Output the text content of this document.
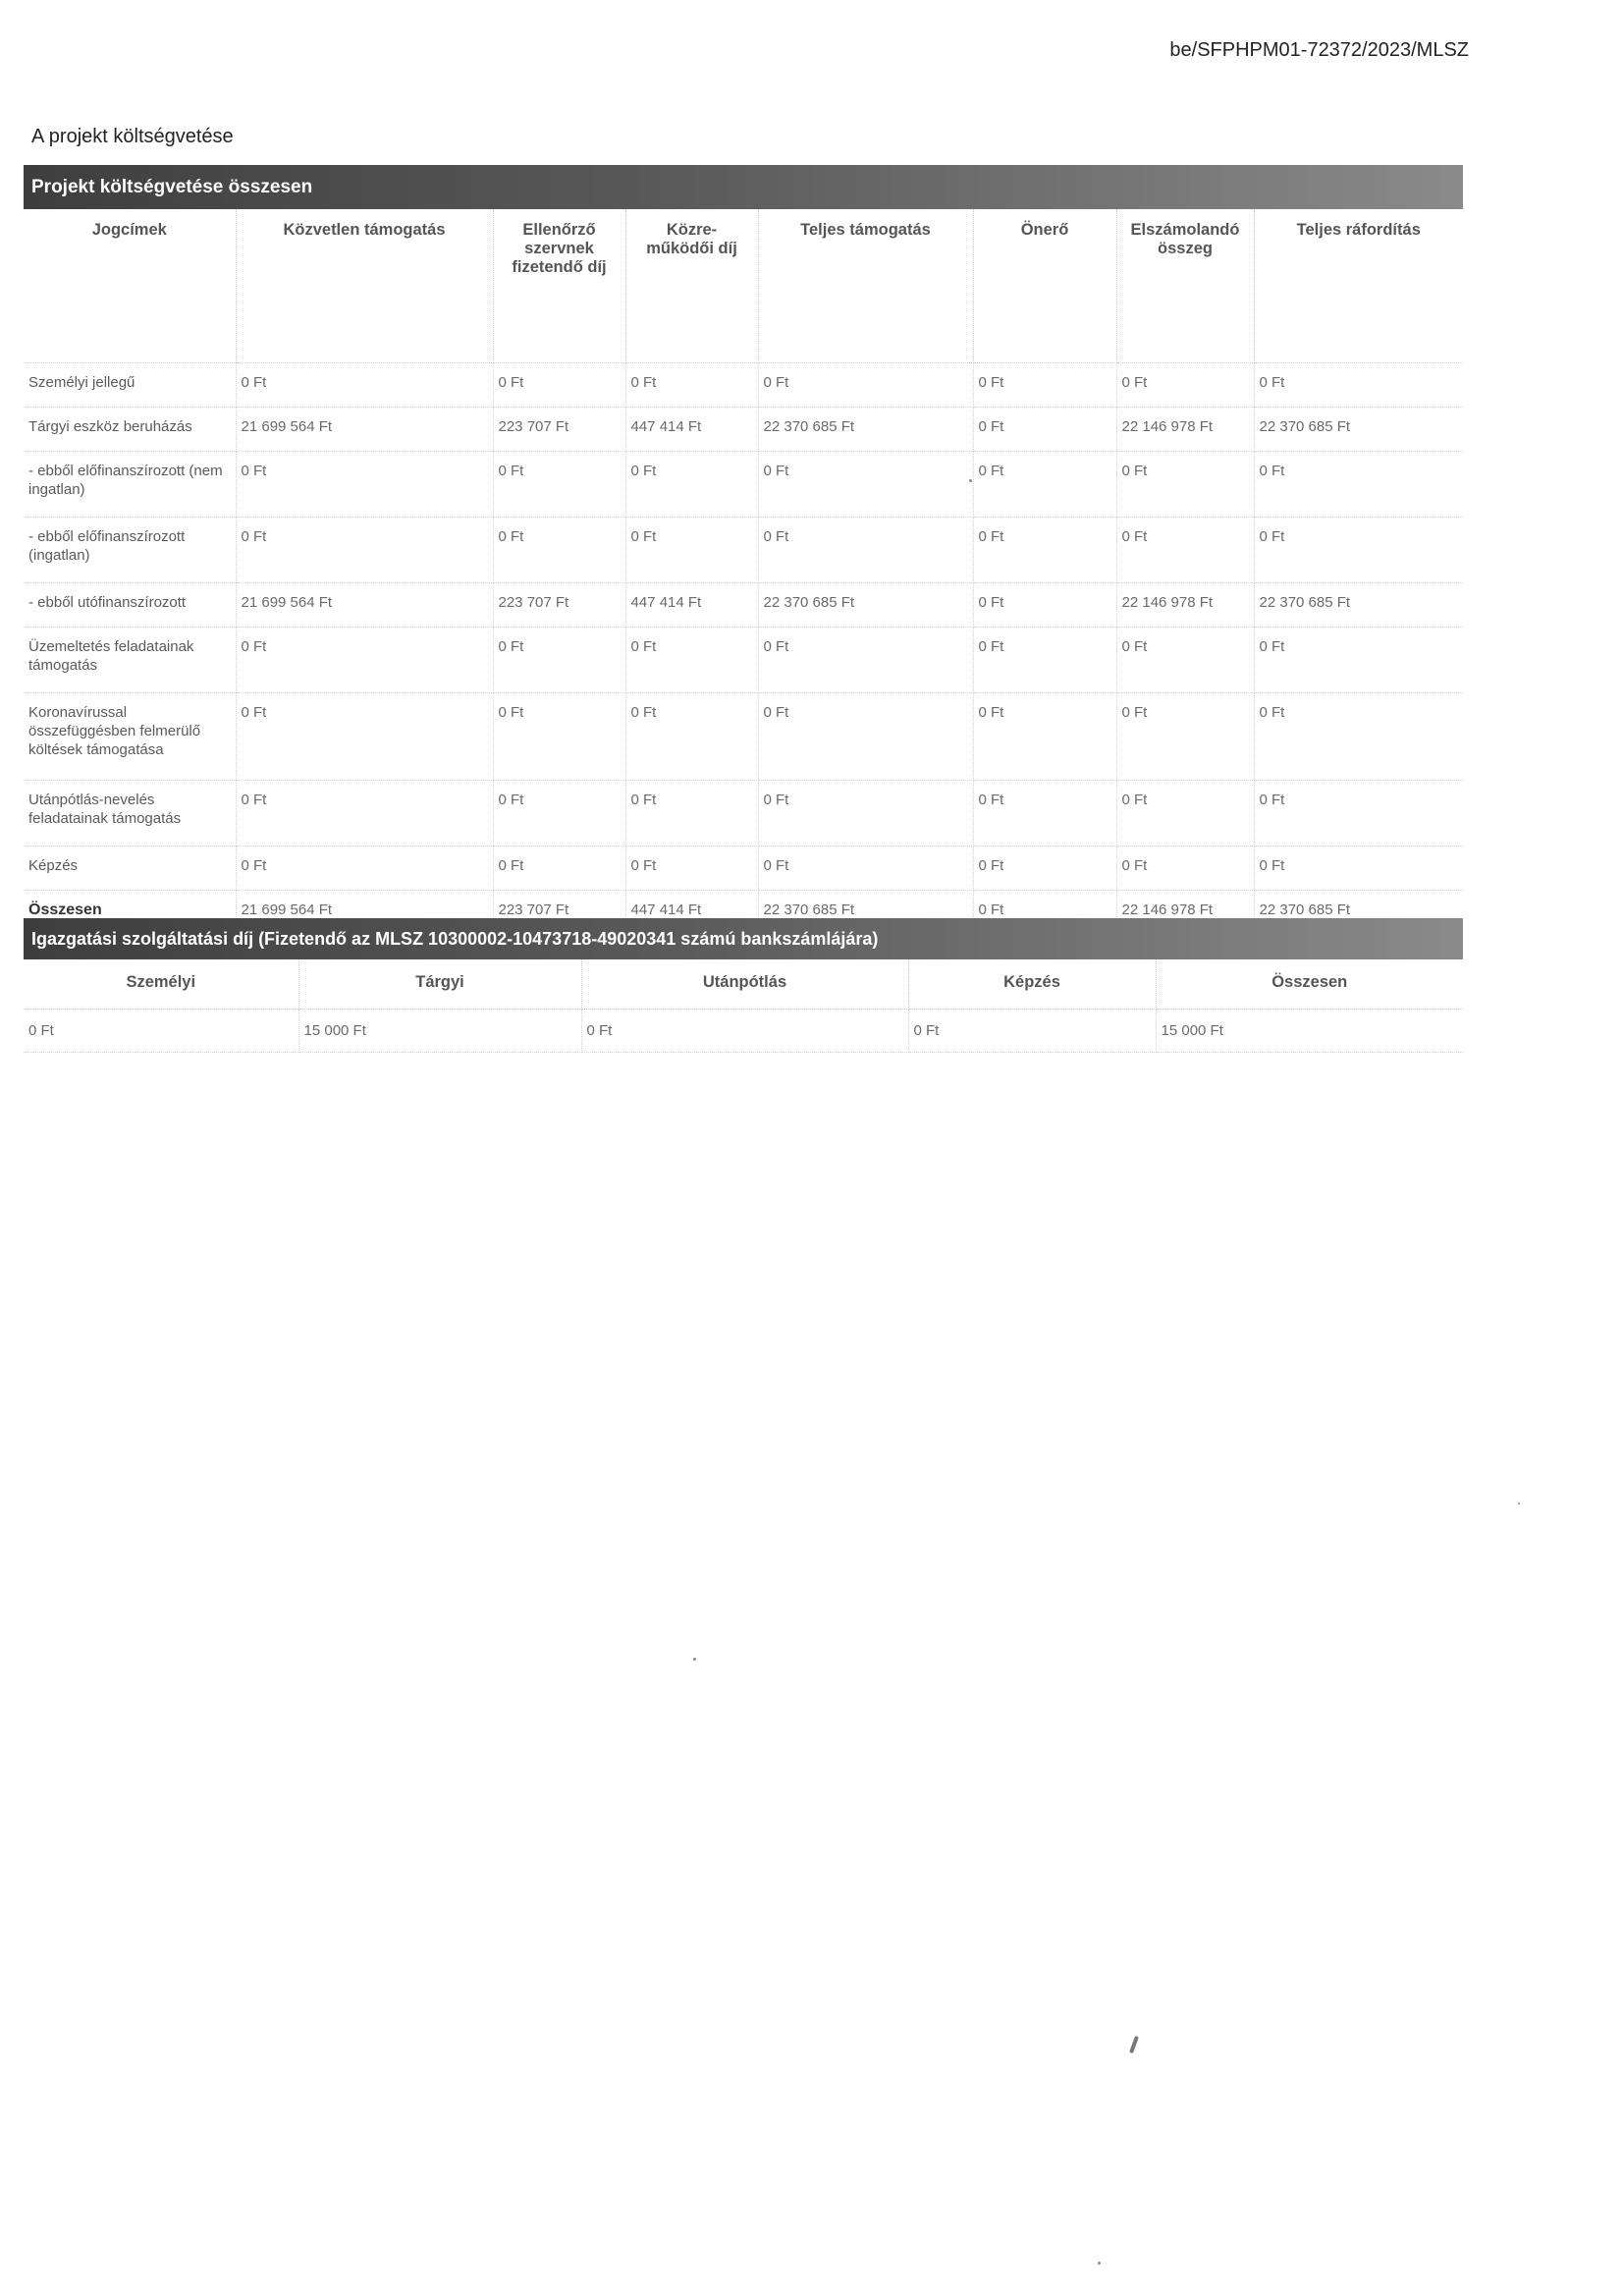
be/SFPHPM01-72372/2023/MLSZ
A projekt költségvetése
Projekt költségvetése összesen
Jogcímek	Közvetlen támogatás	Ellenőrző szervnek fizetendő díj	Közre-működői díj	Teljes támogatás	Önerő	Elszámolandó összeg	Teljes ráfordítás
Személyi jellegű	0 Ft	0 Ft	0 Ft	0 Ft	0 Ft	0 Ft	0 Ft
Tárgyi eszköz beruházás	21 699 564 Ft	223 707 Ft	447 414 Ft	22 370 685 Ft	0 Ft	22 146 978 Ft	22 370 685 Ft
- ebből előfinanszírozott (nem ingatlan)	0 Ft	0 Ft	0 Ft	0 Ft	0 Ft	0 Ft	0 Ft
- ebből előfinanszírozott (ingatlan)	0 Ft	0 Ft	0 Ft	0 Ft	0 Ft	0 Ft	0 Ft
- ebből utófinanszírozott	21 699 564 Ft	223 707 Ft	447 414 Ft	22 370 685 Ft	0 Ft	22 146 978 Ft	22 370 685 Ft
Üzemeltetés feladatainak támogatás	0 Ft	0 Ft	0 Ft	0 Ft	0 Ft	0 Ft	0 Ft
Koronavírussal összefüggésben felmerülő költések támogatása	0 Ft	0 Ft	0 Ft	0 Ft	0 Ft	0 Ft	0 Ft
Utánpótlás-nevelés feladatainak támogatás	0 Ft	0 Ft	0 Ft	0 Ft	0 Ft	0 Ft	0 Ft
Képzés	0 Ft	0 Ft	0 Ft	0 Ft	0 Ft	0 Ft	0 Ft
Összesen	21 699 564 Ft	223 707 Ft	447 414 Ft	22 370 685 Ft	0 Ft	22 146 978 Ft	22 370 685 Ft
Igazgatási szolgáltatási díj (Fizetendő az MLSZ 10300002-10473718-49020341 számú bankszámlájára)
Személyi	Tárgyi	Utánpótlás	Képzés	Összesen
0 Ft	15 000 Ft	0 Ft	0 Ft	15 000 Ft
